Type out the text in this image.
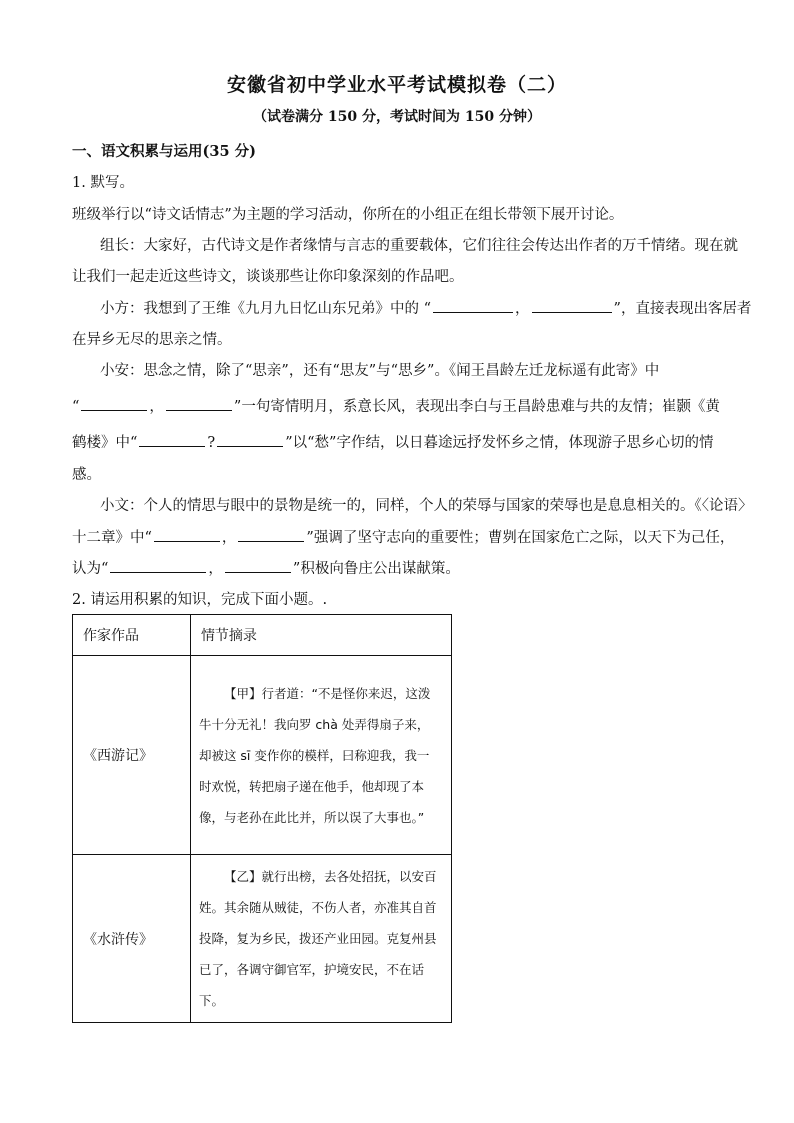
安徽省初中学业水平考试模拟卷（二）
（试卷满分 150 分，考试时间为 150 分钟）
一、语文积累与运用(35 分)
1. 默写。
班级举行以“诗文话情志”为主题的学习活动，你所在的小组正在组长带领下展开讨论。
组长：大家好，古代诗文是作者缘情与言志的重要载体，它们往往会传达出作者的万千情绪。现在就
让我们一起走近这些诗文，谈谈那些让你印象深刻的作品吧。
小方：我想到了王维《九月九日忆山东兄弟》中的 “	，	”，直接表现出客居者
在异乡无尽的思亲之情。
小安：思念之情，除了“思亲”，还有“思友”与“思乡”。《闻王昌龄左迁龙标遥有此寄》中
“	，	”一句寄情明月，系意长风，表现出李白与王昌龄患难与共的友情；崔颢《黄
鹤楼》中“	?	”以“愁”字作结，以日暮途远抒发怀乡之情，体现游子思乡心切的情
感。
小文：个人的情思与眼中的景物是统一的，同样，个人的荣辱与国家的荣辱也是息息相关的。《〈论语〉
十二章》中“	，	”强调了坚守志向的重要性；曹刿在国家危亡之际，以天下为己任，
认为“	，	”积极向鲁庄公出谋献策。
2. 请运用积累的知识，完成下面小题。.
作家作品	情节摘录
《西游记》	【甲】行者道：“不是怪你来迟，这泼牛十分无礼！我向罗 chà 处弄得扇子来，却被这 sī 变作你的模样，曰称迎我，我一时欢悦，转把扇子递在他手，他却现了本像，与老孙在此比并，所以误了大事也。”

《水浒传》	【乙】就行出榜，去各处招抚，以安百姓。其余随从贼徒，不伤人者，亦准其自首投降，复为乡民，拨还产业田园。克复州县已了，各调守御官军，护境安民，不在话下。
